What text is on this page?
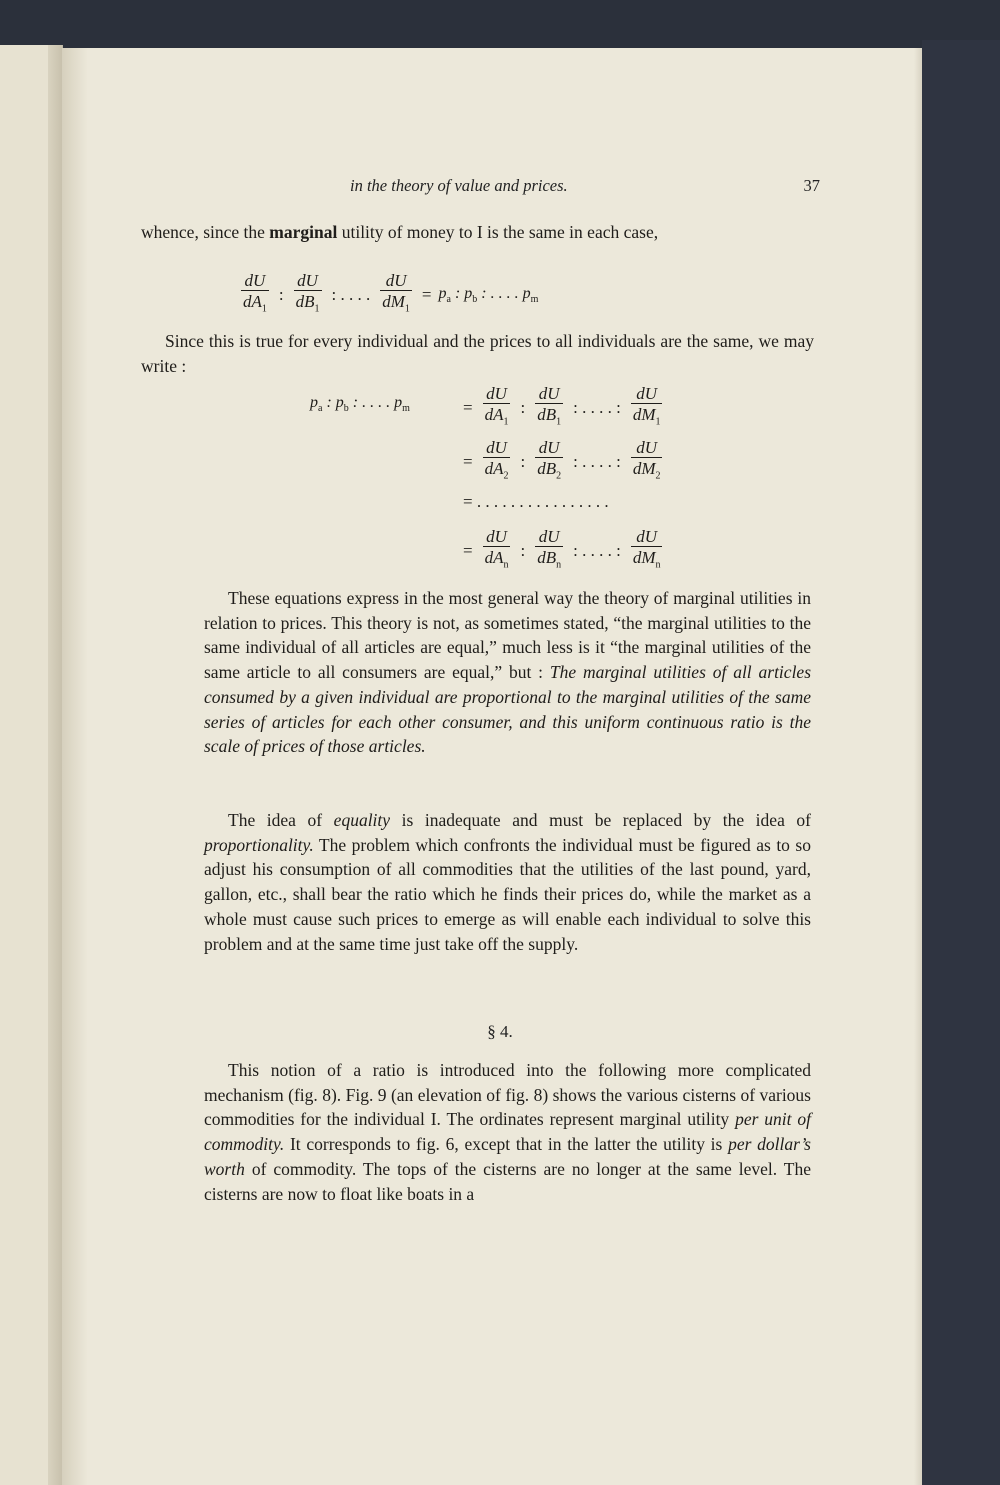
in the theory of value and prices.	37

whence, since the marginal utility of money to I is the same in each case,

$\frac{dU}{dA_1}$ : $\frac{dU}{dB_1}$ : . . . . $\frac{dU}{dM_1} = p_a$ : $p_b$ : . . . . $p_m$

Since this is true for every individual and the prices to all individuals are the same, we may write :

$p_a$ : $p_b$ : . . . . $p_m$	= $\frac{dU}{dA_1}$ : $\frac{dU}{dB_1}$ : . . . . : $\frac{dU}{dM_1}$
= $\frac{dU}{dA_2}$ : $\frac{dU}{dB_2}$ : . . . . : $\frac{dU}{dM_2}$
= . . . . . . . . . . . . . . . .
= $\frac{dU}{dA_n}$ : $\frac{dU}{dB_n}$ : . . . . : $\frac{dU}{dM_n}$

These equations express in the most general way the theory of marginal utilities in relation to prices. This theory is not, as sometimes stated, “the marginal utilities to the same individual of all articles are equal,” much less is it “the marginal utilities of the same article to all consumers are equal,” but : The marginal utilities of all articles consumed by a given individual are proportional to the marginal utilities of the same series of articles for each other consumer, and this uniform continuous ratio is the scale of prices of those articles.

The idea of equality is inadequate and must be replaced by the idea of proportionality. The problem which confronts the individual must be figured as to so adjust his consumption of all commodities that the utilities of the last pound, yard, gallon, etc., shall bear the ratio which he finds their prices do, while the market as a whole must cause such prices to emerge as will enable each individual to solve this problem and at the same time just take off the supply.

§ 4.

This notion of a ratio is introduced into the following more complicated mechanism (fig. 8). Fig. 9 (an elevation of fig. 8) shows the various cisterns of various commodities for the individual I. The ordinates represent marginal utility per unit of commodity. It corresponds to fig. 6, except that in the latter the utility is per dollar’s worth of commodity. The tops of the cisterns are no longer at the same level. The cisterns are now to float like boats in a
